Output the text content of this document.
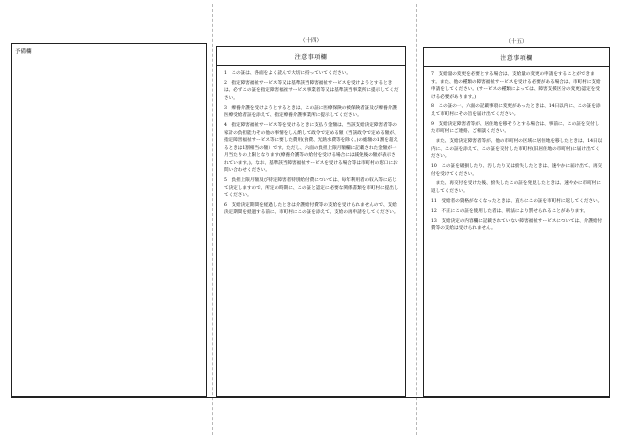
予備欄
（十四）
注意事項欄

1　この証は、各面をよく読んで大切に持っていてください。

2　指定障害福祉サービス等又は基準該当障害福祉サービスを受けようとするときは、必ずこの証を指定障害福祉サービス事業者等又は基準該当事業所に提示してください。

3　療養介護を受けようとするときは、この証に医療保険の被保険者証及び療養介護医療受給者証を添えて、指定療養介護事業所に提示してください。

4　指定障害福祉サービス等を受けるときに支払う金額は、当該支給決定障害者等の家計の負担能力その他の事情をしん酌して政令で定める額（当該政令で定める額が、指定障害福祉サービス等に要した費用(食費、光熱水費等を除く。)の総額の1割を超えるときは1割相当の額）です。ただし、六面の負担上限月額欄に記載された金額が一月当たりの上限となります(療養介護等の給付を受ける場合には減免後の額が表示されています。)。なお、基準該当障害福祉サービスを受ける場合等は市町村の窓口にお問い合わせください。

5　負担上限月額及び特定障害者特別給付費については、毎年利用者の収入等に応じて決定しますので、所定の時期に、この証と認定に必要な関係書類を市町村に提出してください。

6　支給決定期間を経過したときは介護給付費等の支給を受けられませんので、支給決定期間を経過する前に、市町村にこの証を添えて、支給の再申請をしてください。

（十五）
注意事項欄

7　支給量の変更を必要とする場合は、支給量の変更の申請をすることができます。また、他の種類の障害福祉サービスを受ける必要がある場合は、市町村に支給申請をしてください。(サービスの種類によっては、障害支援区分の変更)認定を受ける必要があります。)

8　この証の一、六面の記載事項に変更があったときは、14日以内に、この証を添えて市町村にその旨を届け出てください。

9　支給決定障害者等が、居住地を移そうとする場合は、事前に、この証を交付した市町村にご連絡、ご相談ください。

　また、支給決定障害者等が、他の市町村の区域に居住地を移したときは、14日以内に、この証を添えて、この証を交付した市町村(旧居住地の市町村)に届け出てください。

10　この証を破損したり、汚したり又は紛失したときは、速やかに届け出て、再交付を受けてください。

　また、再交付を受けた後、紛失したこの証を発見したときは、速やかに市町村に返してください。

11　受給者の資格がなくなったときは、直ちにこの証を市町村に返してください。

12　不正にこの証を使用した者は、刑法により罰せられることがあります。

13　支給決定の内容欄に記載されていない障害福祉サービスについては、介護給付費等の支給は受けられません。
